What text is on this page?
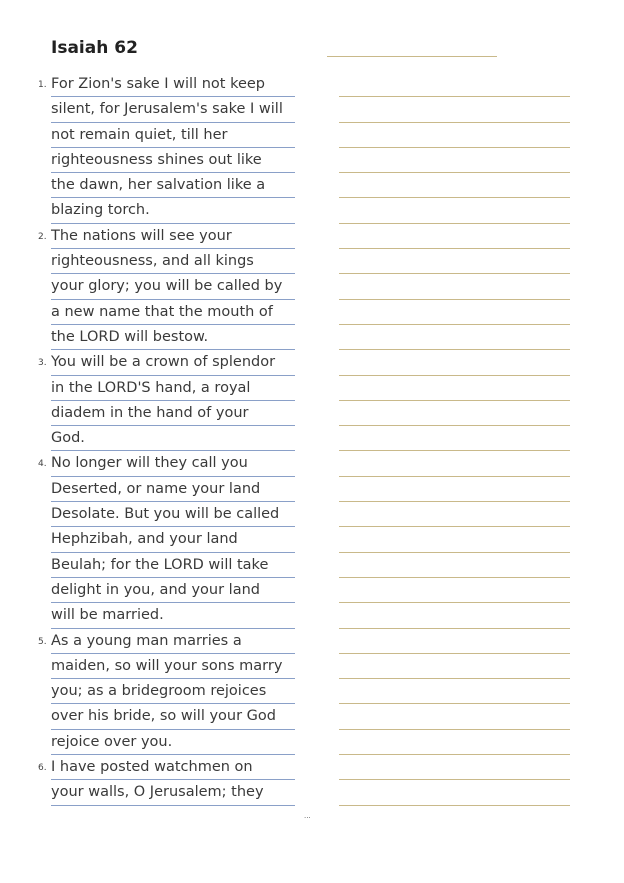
Isaiah 62
1. For Zion's sake I will not keep
silent, for Jerusalem's sake I will
not remain quiet, till her
righteousness shines out like
the dawn, her salvation like a
blazing torch.
2. The nations will see your
righteousness, and all kings
your glory; you will be called by
a new name that the mouth of
the LORD will bestow.
3. You will be a crown of splendor
in the LORD'S hand, a royal
diadem in the hand of your
God.
4. No longer will they call you
Deserted, or name your land
Desolate. But you will be called
Hephzibah, and your land
Beulah; for the LORD will take
delight in you, and your land
will be married.
5. As a young man marries a
maiden, so will your sons marry
you; as a bridegroom rejoices
over his bride, so will your God
rejoice over you.
6. I have posted watchmen on
your walls, O Jerusalem; they
...
